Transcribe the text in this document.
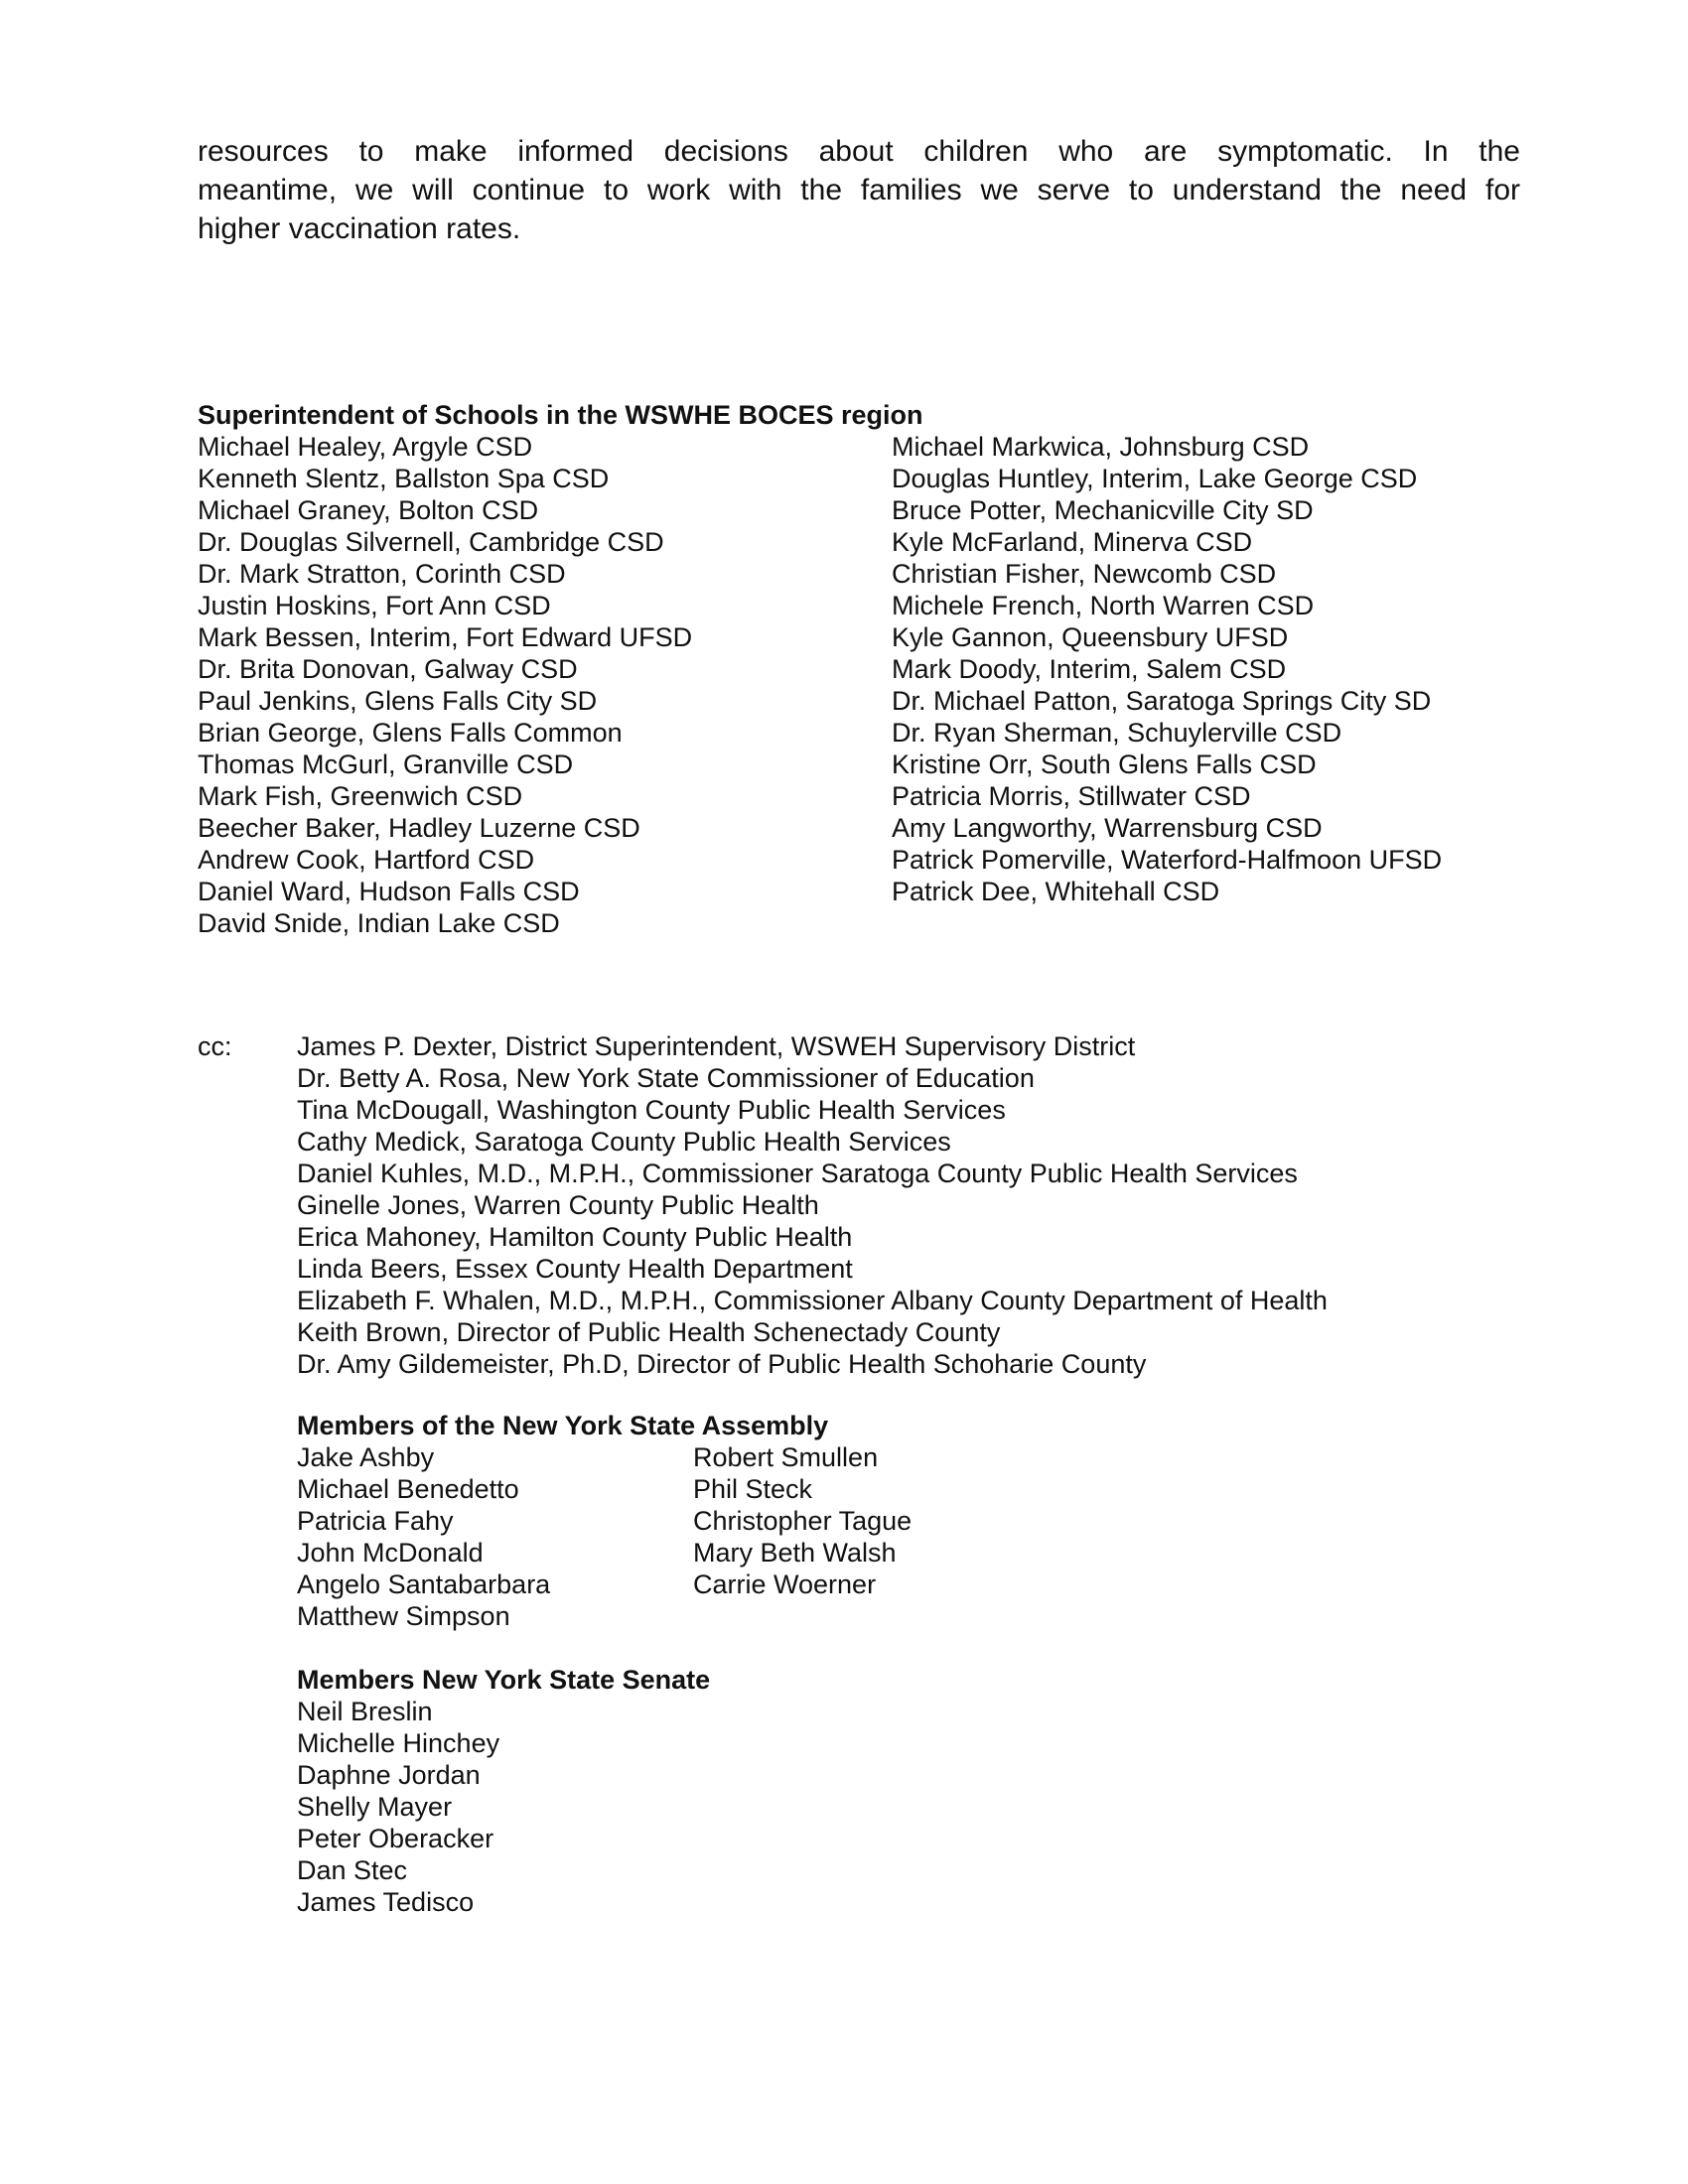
resources to make informed decisions about children who are symptomatic. In the
meantime, we will continue to work with the families we serve to understand the need for
higher vaccination rates.

Superintendent of Schools in the WSWHE BOCES region

Michael Healey, Argyle CSD
Kenneth Slentz, Ballston Spa CSD
Michael Graney, Bolton CSD
Dr. Douglas Silvernell, Cambridge CSD
Dr. Mark Stratton, Corinth CSD
Justin Hoskins, Fort Ann CSD
Mark Bessen, Interim, Fort Edward UFSD
Dr. Brita Donovan, Galway CSD
Paul Jenkins, Glens Falls City SD
Brian George, Glens Falls Common
Thomas McGurl, Granville CSD
Mark Fish, Greenwich CSD
Beecher Baker, Hadley Luzerne CSD
Andrew Cook, Hartford CSD
Daniel Ward, Hudson Falls CSD
David Snide, Indian Lake CSD
Michael Markwica, Johnsburg CSD
Douglas Huntley, Interim, Lake George CSD
Bruce Potter, Mechanicville City SD
Kyle McFarland, Minerva CSD
Christian Fisher, Newcomb CSD
Michele French, North Warren CSD
Kyle Gannon, Queensbury UFSD
Mark Doody, Interim, Salem CSD
Dr. Michael Patton, Saratoga Springs City SD
Dr. Ryan Sherman, Schuylerville CSD
Kristine Orr, South Glens Falls CSD
Patricia Morris, Stillwater CSD
Amy Langworthy, Warrensburg CSD
Patrick Pomerville, Waterford-Halfmoon UFSD
Patrick Dee, Whitehall CSD
cc: James P. Dexter, District Superintendent, WSWEH Supervisory District
Dr. Betty A. Rosa, New York State Commissioner of Education
Tina McDougall, Washington County Public Health Services
Cathy Medick, Saratoga County Public Health Services
Daniel Kuhles, M.D., M.P.H., Commissioner Saratoga County Public Health Services
Ginelle Jones, Warren County Public Health
Erica Mahoney, Hamilton County Public Health
Linda Beers, Essex County Health Department
Elizabeth F. Whalen, M.D., M.P.H., Commissioner Albany County Department of Health
Keith Brown, Director of Public Health Schenectady County
Dr. Amy Gildemeister, Ph.D, Director of Public Health Schoharie County

Members of the New York State Assembly

Jake Ashby
Michael Benedetto
Patricia Fahy
John McDonald
Angelo Santabarbara
Matthew Simpson
Robert Smullen
Phil Steck
Christopher Tague
Mary Beth Walsh
Carrie Woerner

Members New York State Senate

Neil Breslin
Michelle Hinchey
Daphne Jordan
Shelly Mayer
Peter Oberacker
Dan Stec
James Tedisco
